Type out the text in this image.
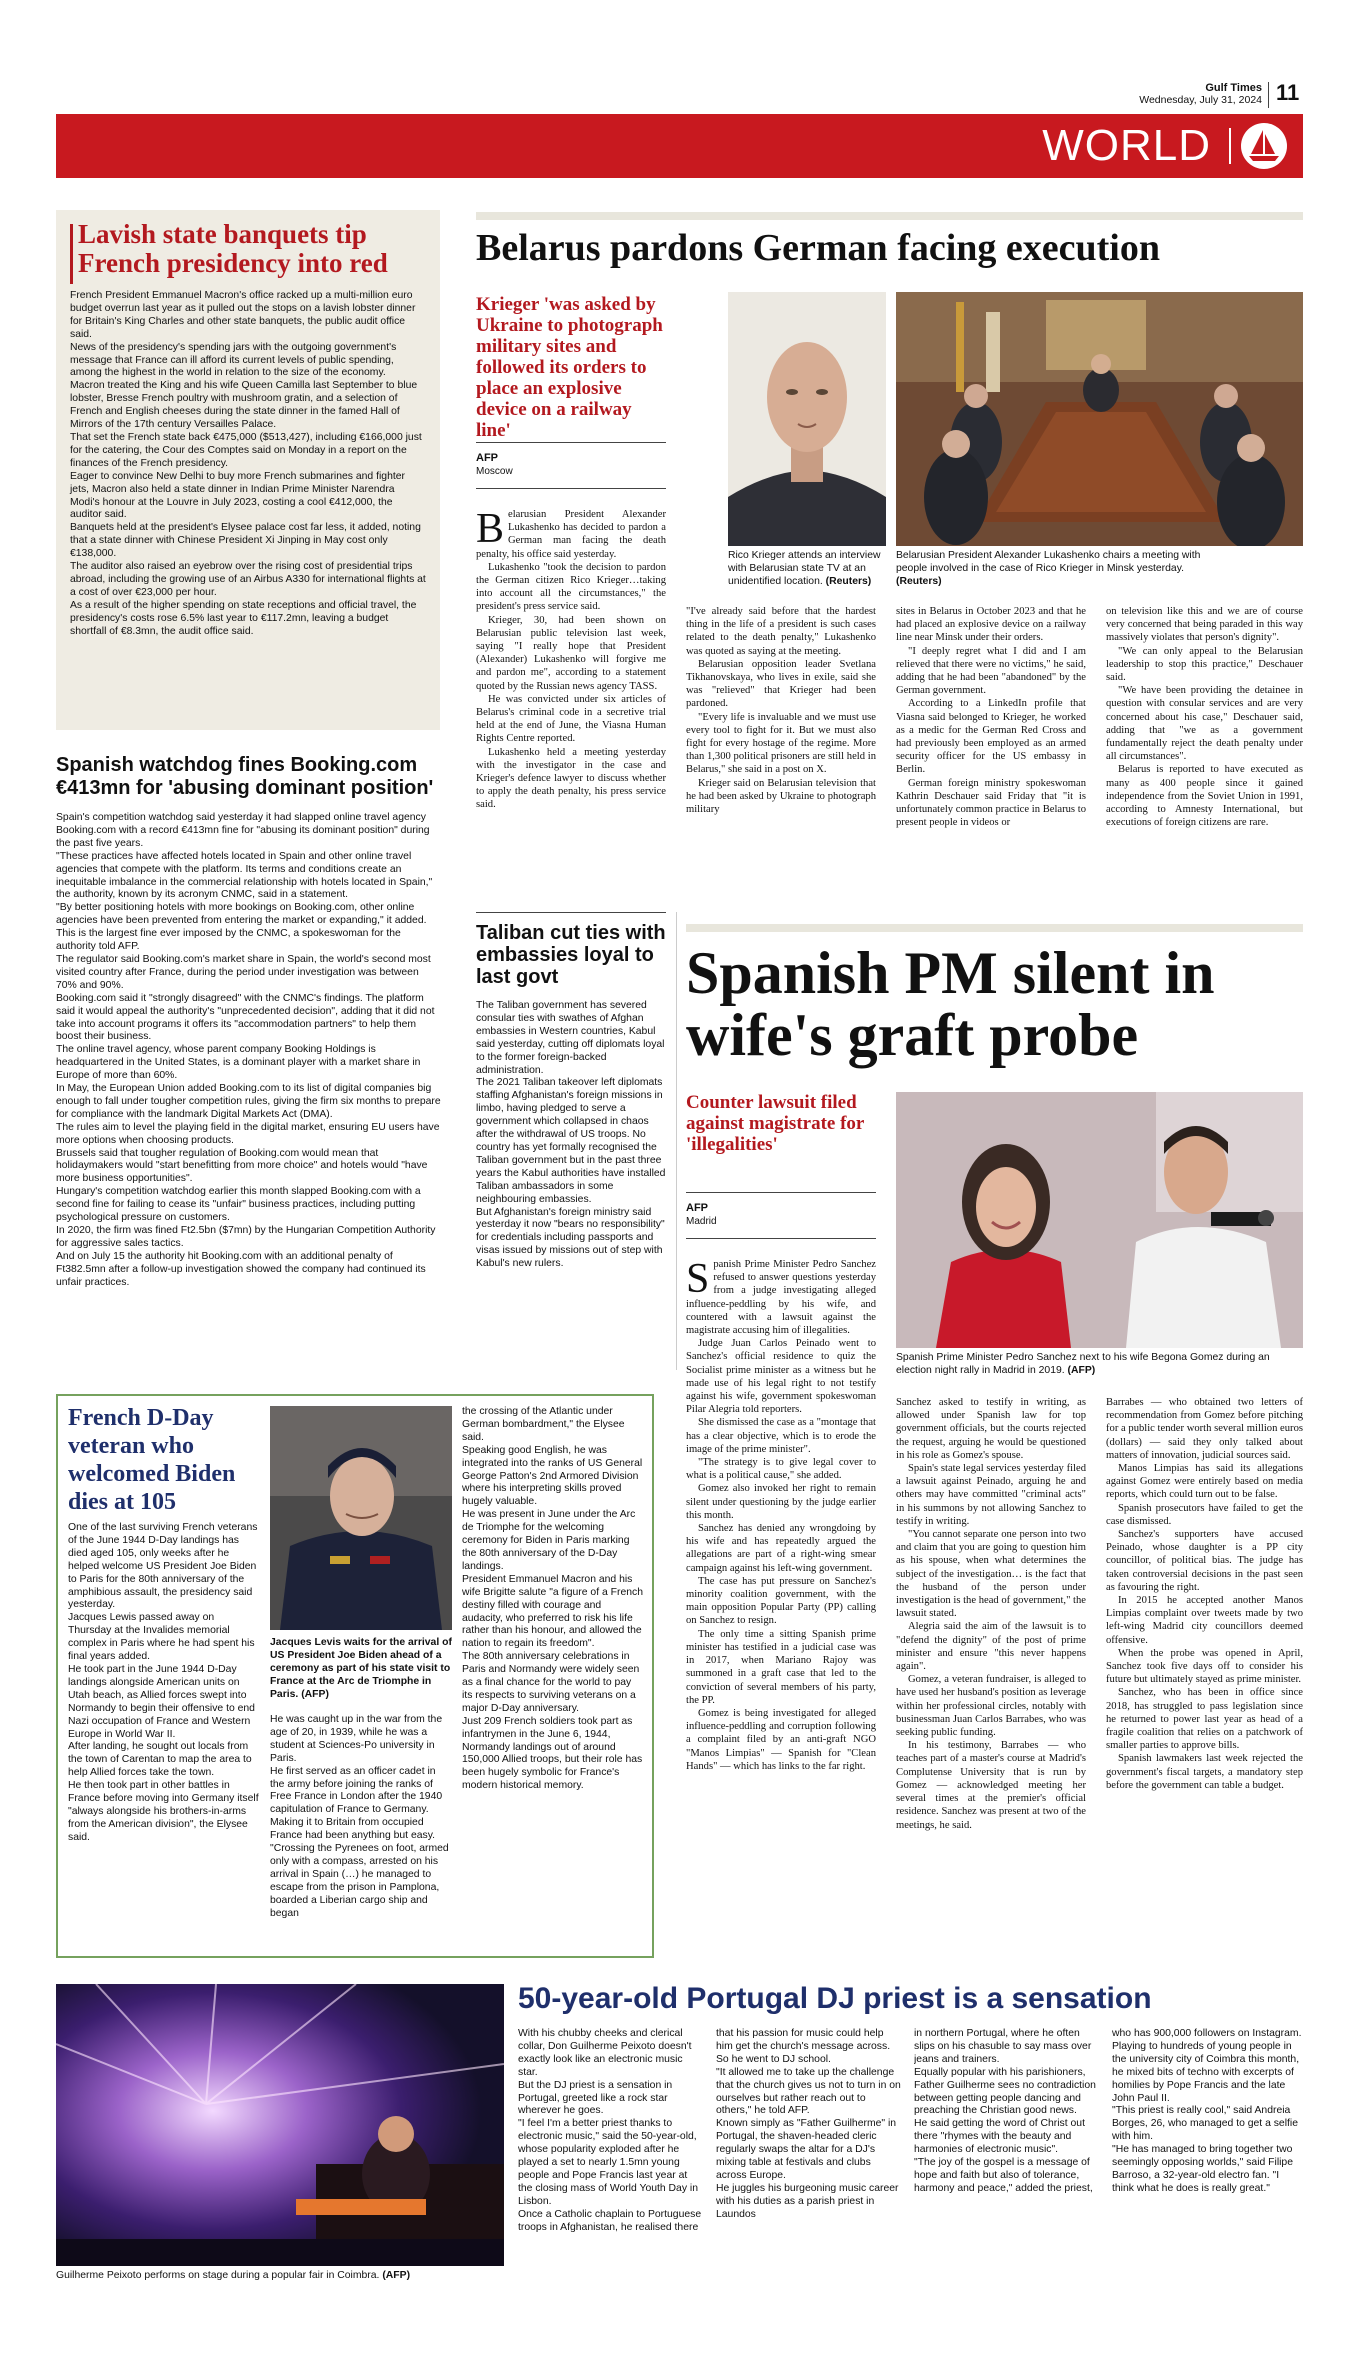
Gulf Times
Wednesday, July 31, 2024 11
WORLD
Lavish state banquets tip French presidency into red

French President Emmanuel Macron's office racked up a multi-million euro budget overrun last year as it pulled out the stops on a lavish lobster dinner for Britain's King Charles and other state banquets, the public audit office said.

News of the presidency's spending jars with the outgoing government's message that France can ill afford its current levels of public spending, among the highest in the world in relation to the size of the economy.

Macron treated the King and his wife Queen Camilla last September to blue lobster, Bresse French poultry with mushroom gratin, and a selection of French and English cheeses during the state dinner in the famed Hall of Mirrors of the 17th century Versailles Palace.

That set the French state back €475,000 ($513,427), including €166,000 just for the catering, the Cour des Comptes said on Monday in a report on the finances of the French presidency.

Eager to convince New Delhi to buy more French submarines and fighter jets, Macron also held a state dinner in Indian Prime Minister Narendra Modi's honour at the Louvre in July 2023, costing a cool €412,000, the auditor said.

Banquets held at the president's Elysee palace cost far less, it added, noting that a state dinner with Chinese President Xi Jinping in May cost only €138,000.

The auditor also raised an eyebrow over the rising cost of presidential trips abroad, including the growing use of an Airbus A330 for international flights at a cost of over €23,000 per hour.

As a result of the higher spending on state receptions and official travel, the presidency's costs rose 6.5% last year to €117.2mn, leaving a budget shortfall of €8.3mn, the audit office said.

Spanish watchdog fines Booking.com €413mn for 'abusing dominant position'

Spain's competition watchdog said yesterday it had slapped online travel agency Booking.com with a record €413mn fine for "abusing its dominant position" during the past five years.

"These practices have affected hotels located in Spain and other online travel agencies that compete with the platform. Its terms and conditions create an inequitable imbalance in the commercial relationship with hotels located in Spain," the authority, known by its acronym CNMC, said in a statement.

"By better positioning hotels with more bookings on Booking.com, other online agencies have been prevented from entering the market or expanding," it added. This is the largest fine ever imposed by the CNMC, a spokeswoman for the authority told AFP.

The regulator said Booking.com's market share in Spain, the world's second most visited country after France, during the period under investigation was between 70% and 90%.

Booking.com said it "strongly disagreed" with the CNMC's findings. The platform said it would appeal the authority's "unprecedented decision", adding that it did not take into account programs it offers its "accommodation partners" to help them boost their business.

The online travel agency, whose parent company Booking Holdings is headquartered in the United States, is a dominant player with a market share in Europe of more than 60%.

In May, the European Union added Booking.com to its list of digital companies big enough to fall under tougher competition rules, giving the firm six months to prepare for compliance with the landmark Digital Markets Act (DMA).

The rules aim to level the playing field in the digital market, ensuring EU users have more options when choosing products.

Brussels said that tougher regulation of Booking.com would mean that holidaymakers would "start benefitting from more choice" and hotels would "have more business opportunities".

Hungary's competition watchdog earlier this month slapped Booking.com with a second fine for failing to cease its "unfair" business practices, including putting psychological pressure on customers.

In 2020, the firm was fined Ft2.5bn ($7mn) by the Hungarian Competition Authority for aggressive sales tactics.

And on July 15 the authority hit Booking.com with an additional penalty of Ft382.5mn after a follow-up investigation showed the company had continued its unfair practices.

Belarus pardons German facing execution
Krieger 'was asked by Ukraine to photograph military sites and followed its orders to place an explosive device on a railway line'
AFP
Moscow
Rico Krieger attends an interview with Belarusian state TV at an unidentified location. (Reuters)
Belarusian President Alexander Lukashenko chairs a meeting with people involved in the case of Rico Krieger in Minsk yesterday. (Reuters)

Belarusian President Alexander Lukashenko has decided to pardon a German man facing the death penalty, his office said yesterday.

Lukashenko "took the decision to pardon the German citizen Rico Krieger…taking into account all the circumstances," the president's press service said.

Krieger, 30, had been shown on Belarusian public television last week, saying "I really hope that President (Alexander) Lukashenko will forgive me and pardon me", according to a statement quoted by the Russian news agency TASS.

He was convicted under six articles of Belarus's criminal code in a secretive trial held at the end of June, the Viasna Human Rights Centre reported.

Lukashenko held a meeting yesterday with the investigator in the case and Krieger's defence lawyer to discuss whether to apply the death penalty, his press service said.

"I've already said before that the hardest thing in the life of a president is such cases related to the death penalty," Lukashenko was quoted as saying at the meeting.

Belarusian opposition leader Svetlana Tikhanovskaya, who lives in exile, said she was "relieved" that Krieger had been pardoned.

"Every life is invaluable and we must use every tool to fight for it. But we must also fight for every hostage of the regime. More than 1,300 political prisoners are still held in Belarus," she said in a post on X.

Krieger said on Belarusian television that he had been asked by Ukraine to photograph military

sites in Belarus in October 2023 and that he had placed an explosive device on a railway line near Minsk under their orders.

"I deeply regret what I did and I am relieved that there were no victims," he said, adding that he had been "abandoned" by the German government.

According to a LinkedIn profile that Viasna said belonged to Krieger, he worked as a medic for the German Red Cross and had previously been employed as an armed security officer for the US embassy in Berlin.

German foreign ministry spokeswoman Kathrin Deschauer said Friday that "it is unfortunately common practice in Belarus to present people in videos or

on television like this and we are of course very concerned that being paraded in this way massively violates that person's dignity".

"We can only appeal to the Belarusian leadership to stop this practice," Deschauer said.

"We have been providing the detainee in question with consular services and are very concerned about his case," Deschauer said, adding that "we as a government fundamentally reject the death penalty under all circumstances".

Belarus is reported to have executed as many as 400 people since it gained independence from the Soviet Union in 1991, according to Amnesty International, but executions of foreign citizens are rare.

Taliban cut ties with embassies loyal to last govt

The Taliban government has severed consular ties with swathes of Afghan embassies in Western countries, Kabul said yesterday, cutting off diplomats loyal to the former foreign-backed administration.

The 2021 Taliban takeover left diplomats staffing Afghanistan's foreign missions in limbo, having pledged to serve a government which collapsed in chaos after the withdrawal of US troops. No country has yet formally recognised the Taliban government but in the past three years the Kabul authorities have installed Taliban ambassadors in some neighbouring embassies.

But Afghanistan's foreign ministry said yesterday it now "bears no responsibility" for credentials including passports and visas issued by missions out of step with Kabul's new rulers.

Spanish PM silent in wife's graft probe
Counter lawsuit filed against magistrate for 'illegalities'
AFP
Madrid
Spanish Prime Minister Pedro Sanchez next to his wife Begona Gomez during an election night rally in Madrid in 2019. (AFP)

Spanish Prime Minister Pedro Sanchez refused to answer questions yesterday from a judge investigating alleged influence-peddling by his wife, and countered with a lawsuit against the magistrate accusing him of illegalities.

Judge Juan Carlos Peinado went to Sanchez's official residence to quiz the Socialist prime minister as a witness but he made use of his legal right to not testify against his wife, government spokeswoman Pilar Alegria told reporters.

She dismissed the case as a "montage that has a clear objective, which is to erode the image of the prime minister".

"The strategy is to give legal cover to what is a political cause," she added.

Gomez also invoked her right to remain silent under questioning by the judge earlier this month.

Sanchez has denied any wrongdoing by his wife and has repeatedly argued the allegations are part of a right-wing smear campaign against his left-wing government.

The case has put pressure on Sanchez's minority coalition government, with the main opposition Popular Party (PP) calling on Sanchez to resign.

The only time a sitting Spanish prime minister has testified in a judicial case was in 2017, when Mariano Rajoy was summoned in a graft case that led to the conviction of several members of his party, the PP.

Gomez is being investigated for alleged influence-peddling and corruption following a complaint filed by an anti-graft NGO "Manos Limpias" — Spanish for "Clean Hands" — which has links to the far right.

Sanchez asked to testify in writing, as allowed under Spanish law for top government officials, but the courts rejected the request, arguing he would be questioned in his role as Gomez's spouse.

Spain's state legal services yesterday filed a lawsuit against Peinado, arguing he and others may have committed "criminal acts" in his summons by not allowing Sanchez to testify in writing.

"You cannot separate one person into two and claim that you are going to question him as his spouse, when what determines the subject of the investigation… is the fact that the husband of the person under investigation is the head of government," the lawsuit stated.

Alegria said the aim of the lawsuit is to "defend the dignity" of the post of prime minister and ensure "this never happens again".

Gomez, a veteran fundraiser, is alleged to have used her husband's position as leverage within her professional circles, notably with businessman Juan Carlos Barrabes, who was seeking public funding.

In his testimony, Barrabes — who teaches part of a master's course at Madrid's Complutense University that is run by Gomez — acknowledged meeting her several times at the premier's official residence. Sanchez was present at two of the meetings, he said.

Barrabes — who obtained two letters of recommendation from Gomez before pitching for a public tender worth several million euros (dollars) — said they only talked about matters of innovation, judicial sources said.

Manos Limpias has said its allegations against Gomez were entirely based on media reports, which could turn out to be false.

Spanish prosecutors have failed to get the case dismissed.

Sanchez's supporters have accused Peinado, whose daughter is a PP city councillor, of political bias. The judge has taken controversial decisions in the past seen as favouring the right.

In 2015 he accepted another Manos Limpias complaint over tweets made by two left-wing Madrid city councillors deemed offensive.

When the probe was opened in April, Sanchez took five days off to consider his future but ultimately stayed as prime minister.

Sanchez, who has been in office since 2018, has struggled to pass legislation since he returned to power last year as head of a fragile coalition that relies on a patchwork of smaller parties to approve bills.

Spanish lawmakers last week rejected the government's fiscal targets, a mandatory step before the government can table a budget.

French D-Day veteran who welcomed Biden dies at 105

One of the last surviving French veterans of the June 1944 D-Day landings has died aged 105, only weeks after he helped welcome US President Joe Biden to Paris for the 80th anniversary of the amphibious assault, the presidency said yesterday.

Jacques Lewis passed away on Thursday at the Invalides memorial complex in Paris where he had spent his final years added.

He took part in the June 1944 D-Day landings alongside American units on Utah beach, as Allied forces swept into Normandy to begin their offensive to end Nazi occupation of France and Western Europe in World War II.

After landing, he sought out locals from the town of Carentan to map the area to help Allied forces take the town.

He then took part in other battles in France before moving into Germany itself "always alongside his brothers-in-arms from the American division", the Elysee said.

Jacques Levis waits for the arrival of US President Joe Biden ahead of a ceremony as part of his state visit to France at the Arc de Triomphe in Paris. (AFP)

He was caught up in the war from the age of 20, in 1939, while he was a student at Sciences-Po university in Paris.

He first served as an officer cadet in the army before joining the ranks of Free France in London after the 1940 capitulation of France to Germany. Making it to Britain from occupied France had been anything but easy.

"Crossing the Pyrenees on foot, armed only with a compass, arrested on his arrival in Spain (…) he managed to escape from the prison in Pamplona, boarded a Liberian cargo ship and began

the crossing of the Atlantic under German bombardment," the Elysee said.

Speaking good English, he was integrated into the ranks of US General George Patton's 2nd Armored Division where his interpreting skills proved hugely valuable.

He was present in June under the Arc de Triomphe for the welcoming ceremony for Biden in Paris marking the 80th anniversary of the D-Day landings.

President Emmanuel Macron and his wife Brigitte salute "a figure of a French destiny filled with courage and audacity, who preferred to risk his life rather than his honour, and allowed the nation to regain its freedom".

The 80th anniversary celebrations in Paris and Normandy were widely seen as a final chance for the world to pay its respects to surviving veterans on a major D-Day anniversary.

Just 209 French soldiers took part as infantrymen in the June 6, 1944, Normandy landings out of around 150,000 Allied troops, but their role has been hugely symbolic for France's modern historical memory.

Guilherme Peixoto performs on stage during a popular fair in Coimbra. (AFP)
50-year-old Portugal DJ priest is a sensation

With his chubby cheeks and clerical collar, Don Guilherme Peixoto doesn't exactly look like an electronic music star.

But the DJ priest is a sensation in Portugal, greeted like a rock star wherever he goes.

"I feel I'm a better priest thanks to electronic music," said the 50-year-old, whose popularity exploded after he played a set to nearly 1.5mn young people and Pope Francis last year at the closing mass of World Youth Day in Lisbon.

Once a Catholic chaplain to Portuguese troops in Afghanistan, he realised there

that his passion for music could help him get the church's message across.

So he went to DJ school.

"It allowed me to take up the challenge that the church gives us not to turn in on ourselves but rather reach out to others," he told AFP.

Known simply as "Father Guilherme" in Portugal, the shaven-headed cleric regularly swaps the altar for a DJ's mixing table at festivals and clubs across Europe.

He juggles his burgeoning music career with his duties as a parish priest in Laundos

in northern Portugal, where he often slips on his chasuble to say mass over jeans and trainers.

Equally popular with his parishioners, Father Guilherme sees no contradiction between getting people dancing and preaching the Christian good news.

He said getting the word of Christ out there "rhymes with the beauty and harmonies of electronic music".

"The joy of the gospel is a message of hope and faith but also of tolerance, harmony and peace," added the priest,

who has 900,000 followers on Instagram.

Playing to hundreds of young people in the university city of Coimbra this month, he mixed bits of techno with excerpts of homilies by Pope Francis and the late John Paul II.

"This priest is really cool," said Andreia Borges, 26, who managed to get a selfie with him.

"He has managed to bring together two seemingly opposing worlds," said Filipe Barroso, a 32-year-old electro fan. "I think what he does is really great."
